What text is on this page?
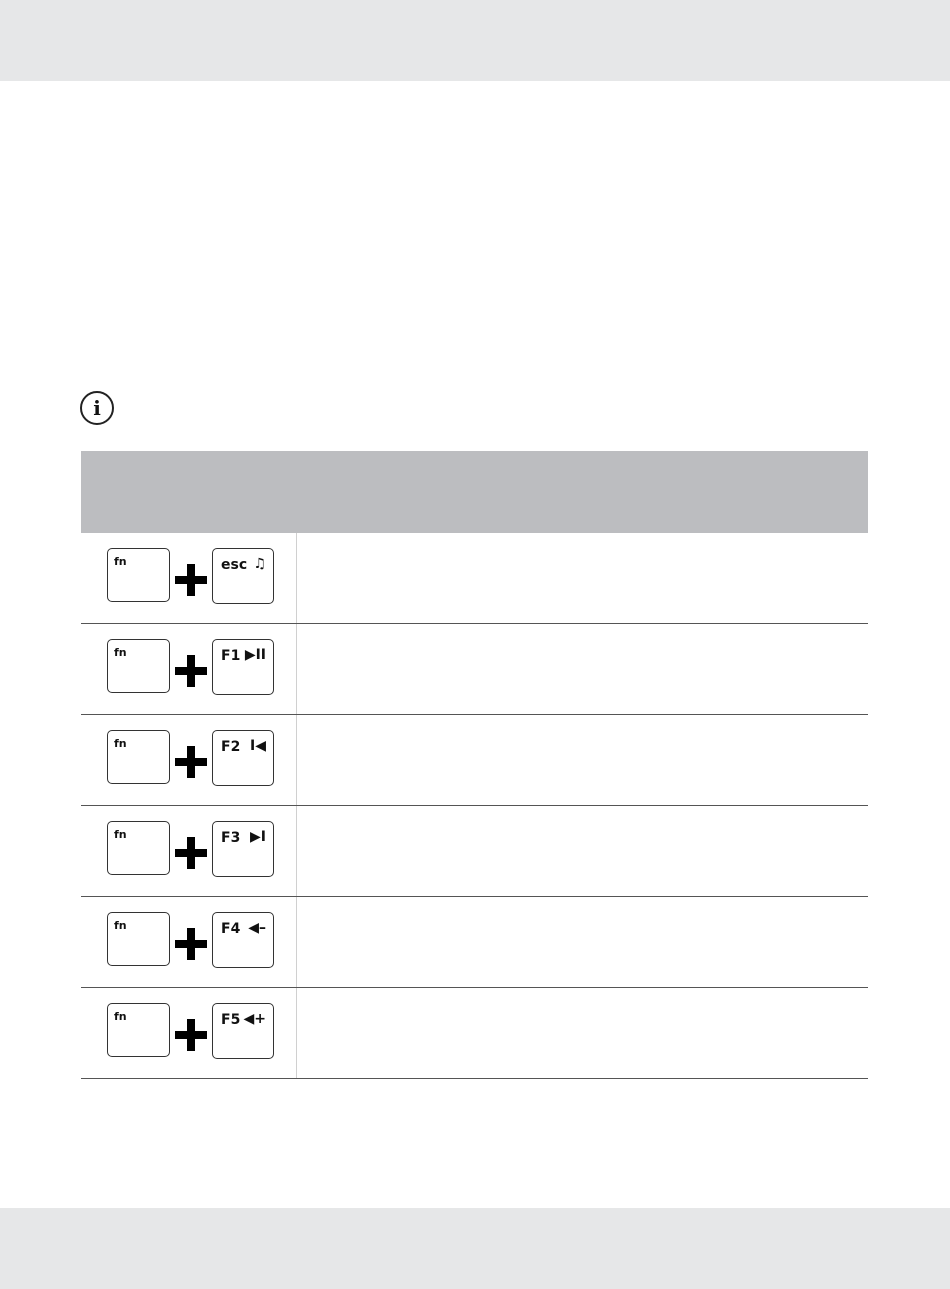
i
fn	esc ♫
fn	F1 ▶II
fn	F2 I◀
fn	F3 ▶I
fn	F4 ◀–
fn	F5 ◀+
